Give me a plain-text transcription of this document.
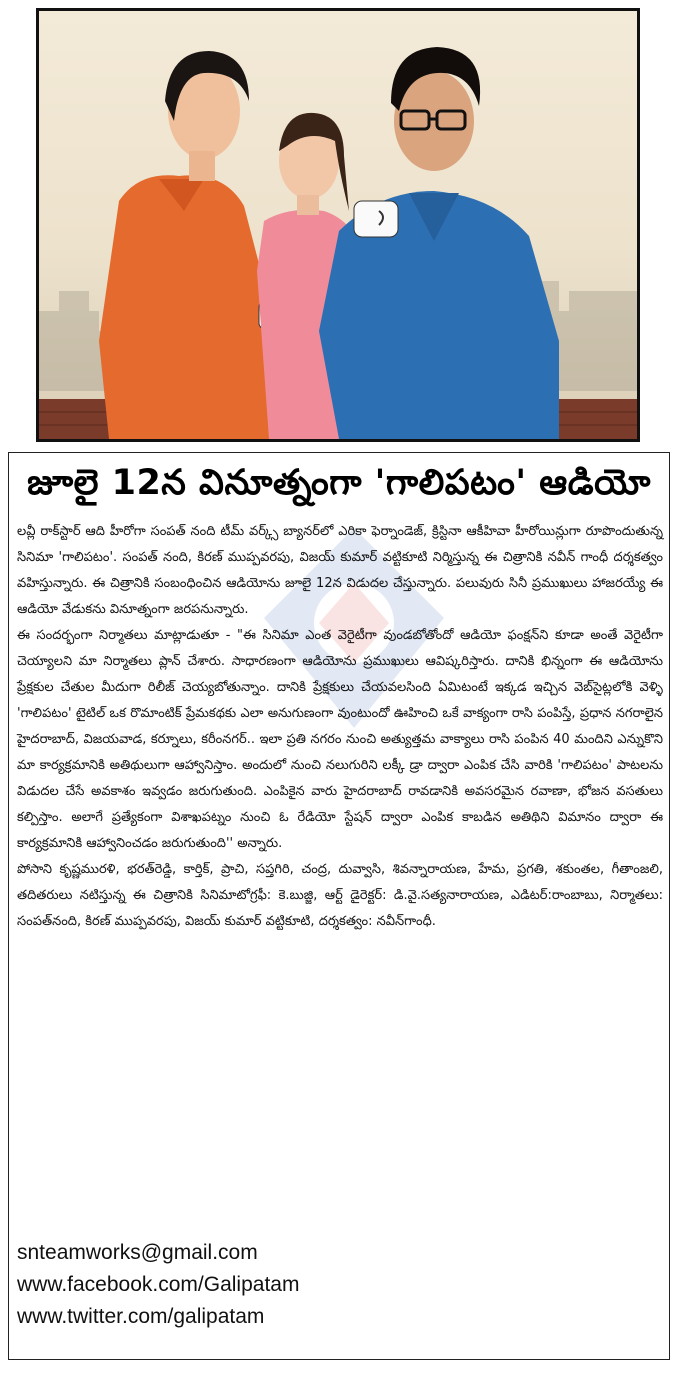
జూలై 12న వినూత్నంగా 'గాలిపటం' ఆడియో

లవ్లీ రాక్‌స్టార్ ఆది హీరోగా సంపత్ నంది టీమ్ వర్క్స్ బ్యానర్‌లో ఎరికా ఫెర్నాండెజ్, క్రిస్టినా ఆకీహివా హీరోయిన్లుగా రూపొందుతున్న సినిమా 'గాలిపటం'. సంపత్ నంది, కిరణ్ ముప్పవరపు, విజయ్ కుమార్ వట్టికూటి నిర్మిస్తున్న ఈ చిత్రానికి నవీన్ గాంధీ దర్శకత్వం వహిస్తున్నారు. ఈ చిత్రానికి సంబంధించిన ఆడియోను జూలై 12న విడుదల చేస్తున్నారు. పలువురు సినీ ప్రముఖులు హాజరయ్యే ఈ ఆడియో వేడుకను వినూత్నంగా జరపనున్నారు.

ఈ సందర్భంగా నిర్మాతలు మాట్లాడుతూ - "ఈ సినిమా ఎంత వెరైటీగా వుండబోతోందో ఆడియో ఫంక్షన్‌ని కూడా అంతే వెరైటీగా చెయ్యాలని మా నిర్మాతలు ప్లాన్ చేశారు. సాధారణంగా ఆడియోను ప్రముఖులు ఆవిష్కరిస్తారు. దానికి భిన్నంగా ఈ ఆడియోను ప్రేక్షకుల చేతుల మీదుగా రిలీజ్ చెయ్యబోతున్నాం. దానికి ప్రేక్షకులు చేయవలసింది ఏమిటంటే ఇక్కడ ఇచ్చిన వెబ్‌సైట్లలోకి వెళ్ళి 'గాలిపటం' టైటిల్ ఒక రొమాంటిక్ ప్రేమకథకు ఎలా అనుగుణంగా వుంటుందో ఊహించి ఒకే వాక్యంగా రాసి పంపిస్తే, ప్రధాన నగరాలైన హైదరాబాద్, విజయవాడ, కర్నూలు, కరీంనగర్.. ఇలా ప్రతి నగరం నుంచి అత్యుత్తమ వాక్యాలు రాసి పంపిన 40 మందిని ఎన్నుకొని మా కార్యక్రమానికి అతిథులుగా ఆహ్వానిస్తాం. అందులో నుంచి నలుగురిని లక్కీ డ్రా ద్వారా ఎంపిక చేసి వారికి 'గాలిపటం' పాటలను విడుదల చేసే అవకాశం ఇవ్వడం జరుగుతుంది. ఎంపికైన వారు హైదరాబాద్ రావడానికి అవసరమైన రవాణా, భోజన వసతులు కల్పిస్తాం. అలాగే ప్రత్యేకంగా విశాఖపట్నం నుంచి ఓ రేడియో స్టేషన్ ద్వారా ఎంపిక కాబడిన అతిథిని విమానం ద్వారా ఈ కార్యక్రమానికి ఆహ్వానించడం జరుగుతుంది'' అన్నారు.

పోసాని కృష్ణమురళి, భరత్‌రెడ్డి, కార్తిక్, ప్రాచి, సప్తగిరి, చంద్ర, దువ్వాసి, శివన్నారాయణ, హేమ, ప్రగతి, శకుంతల, గీతాంజలి, తదితరులు నటిస్తున్న ఈ చిత్రానికి సినిమాటోగ్రఫీ: కె.బుజ్జి, ఆర్ట్ డైరెక్టర్: డి.వై.సత్యనారాయణ, ఎడిటర్:రాంబాబు, నిర్మాతలు: సంపత్‌నంది, కిరణ్ ముప్పవరపు, విజయ్ కుమార్ వట్టికూటి, దర్శకత్వం: నవీన్‌గాంధీ.

snteamworks@gmail.com
www.facebook.com/Galipatam
www.twitter.com/galipatam
